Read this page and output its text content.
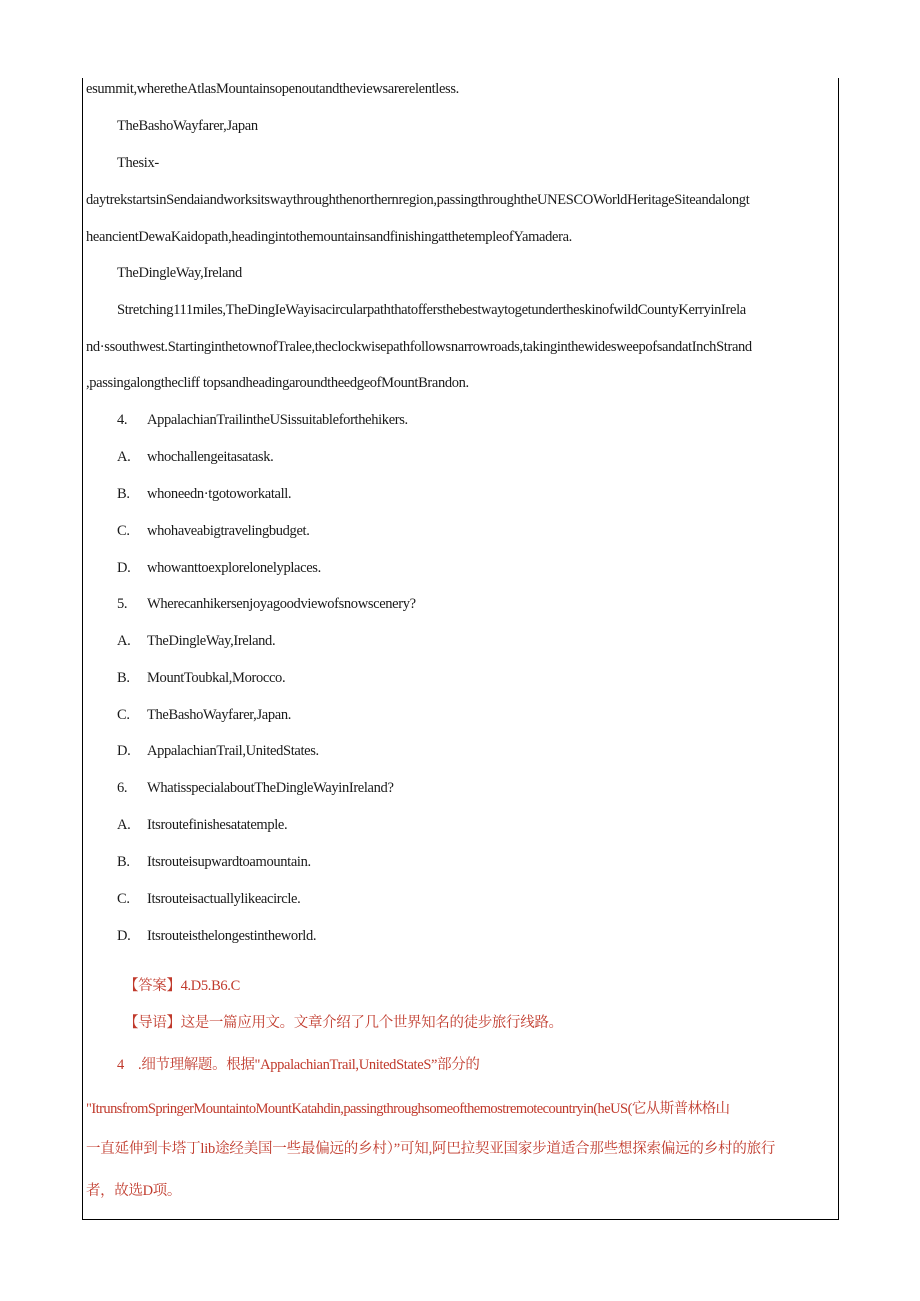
esummit,wheretheAtlasMountainsopenoutandtheviewsarerelentless.
TheBashoWayfarer,Japan
Thesix-
daytrekstartsinSendaiandworksitswaythroughthenorthernregion,passingthroughtheUNESCOWorldHeritageSiteandalongt
heancientDewaKaidopath,headingintothemountainsandfinishingatthetempleofYamadera.
TheDingleWay,Ireland
Stretching111miles,TheDingIeWayisacircularpaththatoffersthebestwaytogetundertheskinofwildCountyKerryinIrela
nd·ssouthwest.StartinginthetownofTralee,theclockwisepathfollowsnarrowroads,takinginthewidesweepofsandatInchStrand
,passingalongthecliff topsandheadingaroundtheedgeofMountBrandon.
4. AppalachianTrailintheUSissuitableforthehikers.
A. whochallengeitasatask.
B. whoneedn·tgotoworkatall.
C. whohaveabigtravelingbudget.
D. whowanttoexplorelonelyplaces.
5. Wherecanhikersenjoyagoodviewofsnowscenery?
A. TheDingleWay,Ireland.
B. MountToubkal,Morocco.
C. TheBashoWayfarer,Japan.
D. AppalachianTrail,UnitedStates.
6. WhatisspecialaboutTheDingleWayinIreland?
A. Itsroutefinishesatatemple.
B. Itsrouteisupwardtoamountain.
C. Itsrouteisactuallylikeacircle.
D. Itsrouteisthelongestintheworld.
【答案】4.D5.B6.C
【导语】这是一篇应用文。文章介绍了几个世界知名的徒步旅行线路。
4　.细节理解题。根据"AppalachianTrail,UnitedStateS”部分的
"ItrunsfromSpringerMountaintoMountKatahdin,passingthroughsomeofthemostremotecountryin(heUS(它从斯普林格山
一直延伸到卡塔丁lib途经美国一些最偏远的乡村）”可知,阿巴拉契亚国家步道适合那些想探索偏远的乡村的旅行
者，故选D项。
